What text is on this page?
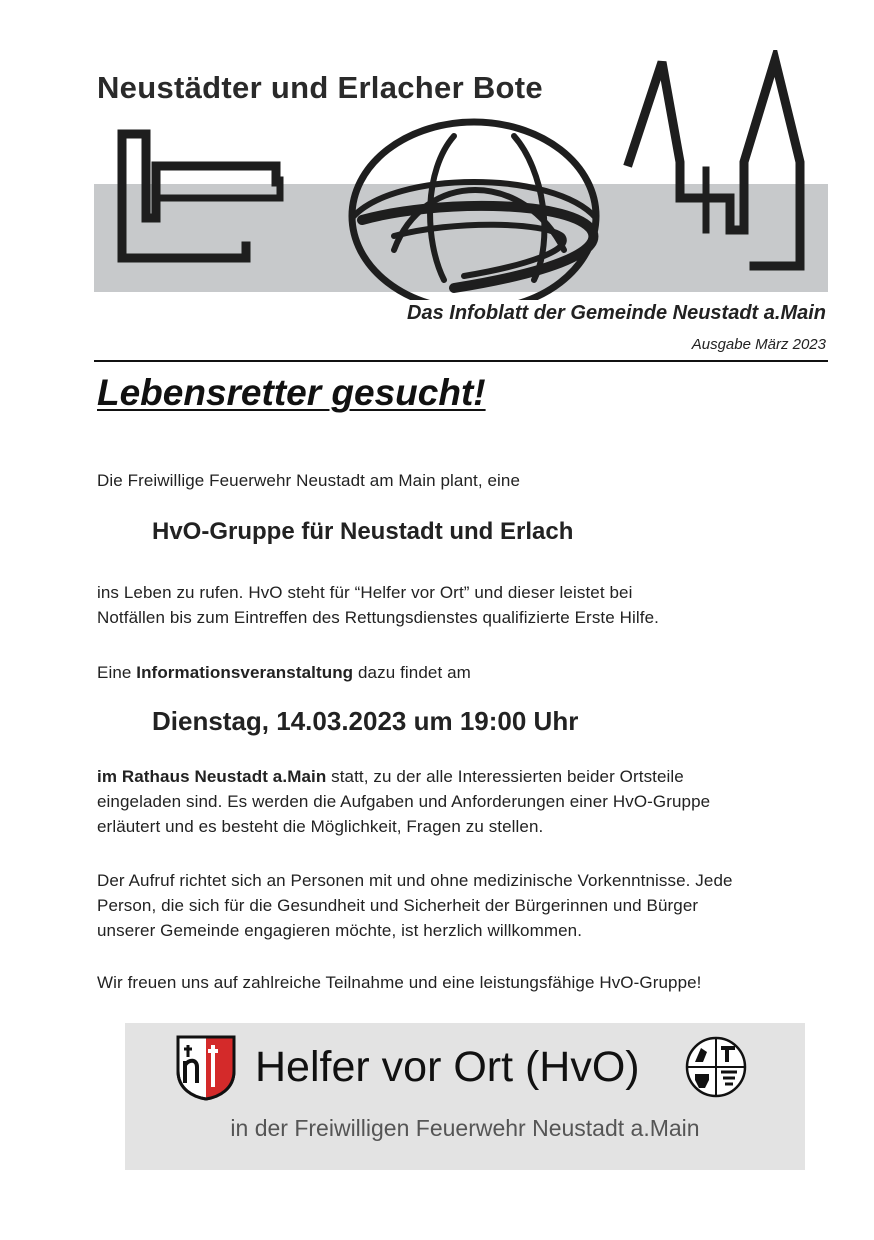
Neustädter und Erlacher Bote
Das Infoblatt der Gemeinde Neustadt a.Main
Ausgabe März 2023
Lebensretter gesucht!
Die Freiwillige Feuerwehr Neustadt am Main plant, eine
HvO-Gruppe für Neustadt und Erlach
ins Leben zu rufen. HvO steht für “Helfer vor Ort” und dieser leistet bei
Notfällen bis zum Eintreffen des Rettungsdienstes qualifizierte Erste Hilfe.
Eine Informationsveranstaltung dazu findet am
Dienstag, 14.03.2023 um 19:00 Uhr
im Rathaus Neustadt a.Main statt, zu der alle Interessierten beider Ortsteile
eingeladen sind. Es werden die Aufgaben und Anforderungen einer HvO-Gruppe
erläutert und es besteht die Möglichkeit, Fragen zu stellen.
Der Aufruf richtet sich an Personen mit und ohne medizinische Vorkenntnisse. Jede
Person, die sich für die Gesundheit und Sicherheit der Bürgerinnen und Bürger
unserer Gemeinde engagieren möchte, ist herzlich willkommen.
Wir freuen uns auf zahlreiche Teilnahme und eine leistungsfähige HvO-Gruppe!
Helfer vor Ort (HvO)
in der Freiwilligen Feuerwehr Neustadt a.Main
